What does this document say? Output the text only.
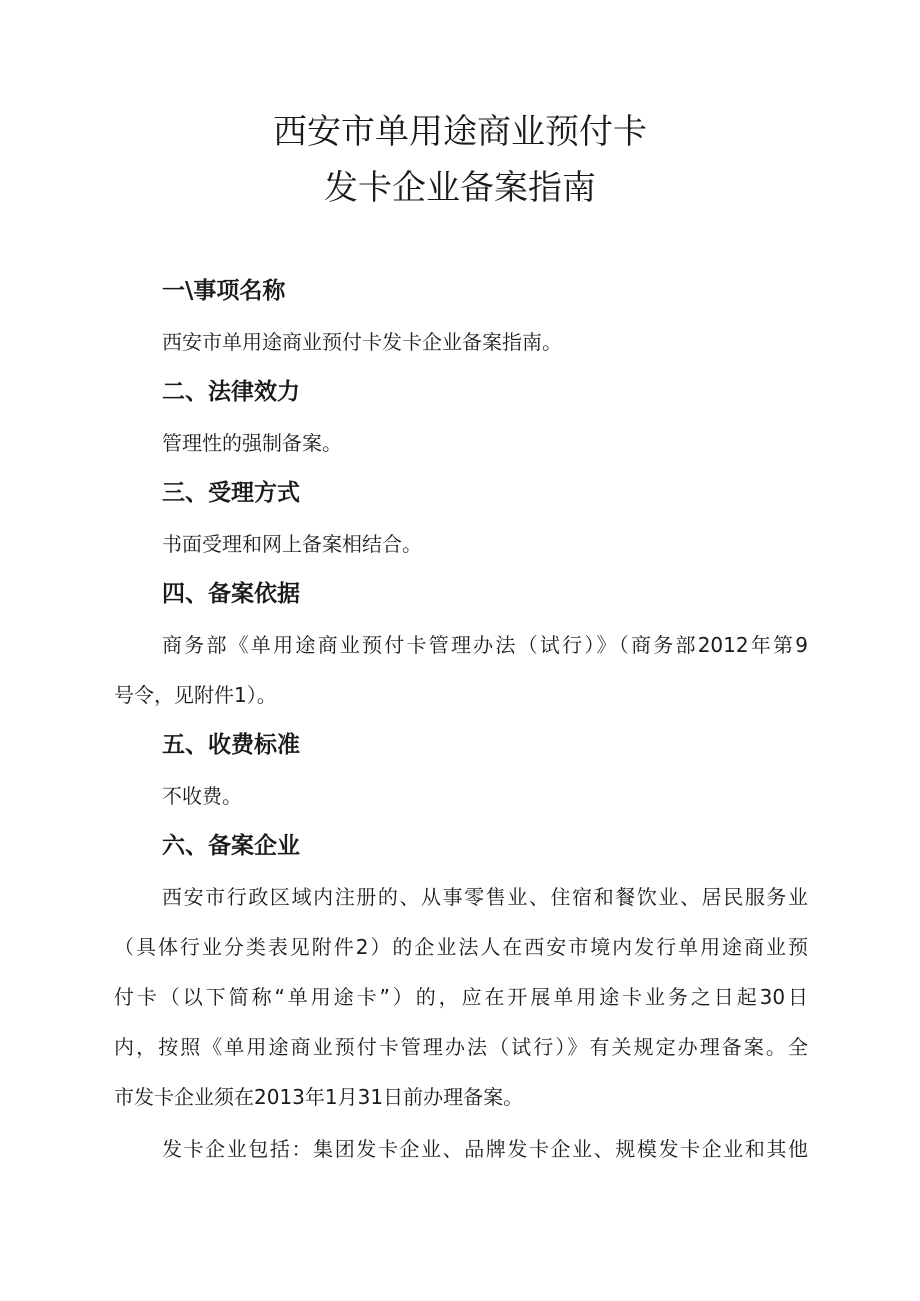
西安市单用途商业预付卡
发卡企业备案指南
一\事项名称
西安市单用途商业预付卡发卡企业备案指南。
二、法律效力
管理性的强制备案。
三、受理方式
书面受理和网上备案相结合。
四、备案依据
商务部《单用途商业预付卡管理办法（试行）》（商务部2012年第9
号令，见附件1）。
五、收费标准
不收费。
六、备案企业
西安市行政区域内注册的、从事零售业、住宿和餐饮业、居民服务业
（具体行业分类表见附件2）的企业法人在西安市境内发行单用途商业预
付卡（以下简称“单用途卡”）的，应在开展单用途卡业务之日起30日
内，按照《单用途商业预付卡管理办法（试行）》有关规定办理备案。全
市发卡企业须在2013年1月31日前办理备案。
发卡企业包括：集团发卡企业、品牌发卡企业、规模发卡企业和其他
